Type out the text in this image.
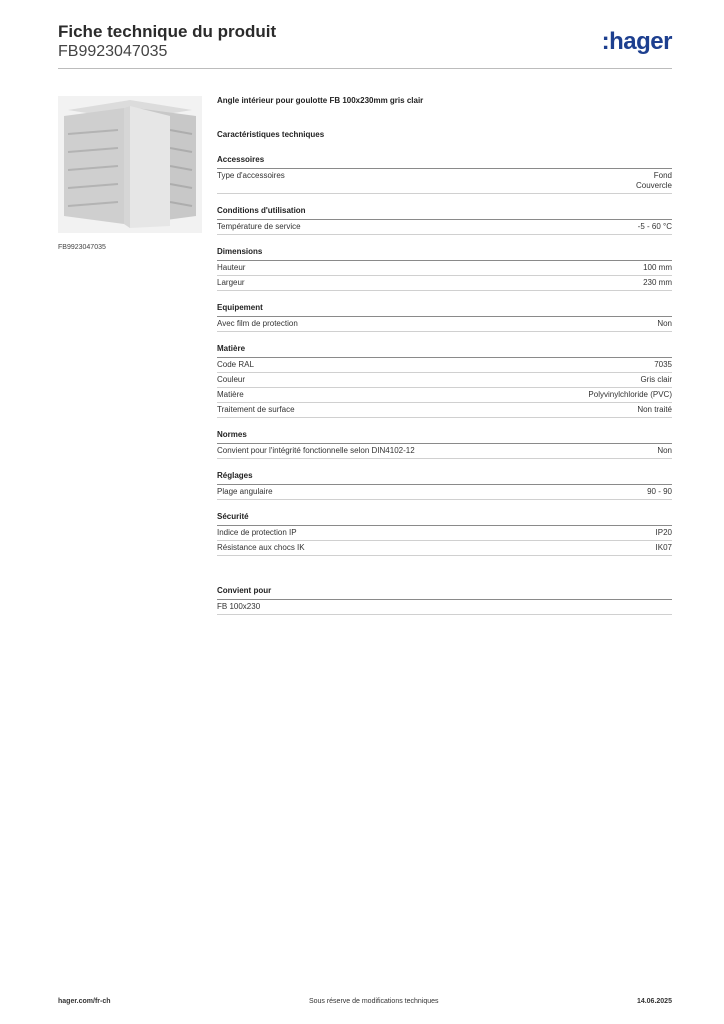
Fiche technique du produit
FB9923047035	:hager
FB9923047035
Angle intérieur pour goulotte FB 100x230mm gris clair
Caractéristiques techniques
Accessoires
Type d'accessoires	Fond
Couvercle
Conditions d'utilisation
Température de service	-5 - 60 °C
Dimensions
Hauteur	100 mm
Largeur	230 mm
Equipement
Avec film de protection	Non
Matière
Code RAL	7035
Couleur	Gris clair
Matière	Polyvinylchloride (PVC)
Traitement de surface	Non traité
Normes
Convient pour l'intégrité fonctionnelle selon DIN4102-12	Non
Réglages
Plage angulaire	90 - 90
Sécurité
Indice de protection IP	IP20
Résistance aux chocs IK	IK07
Convient pour
FB 100x230
hager.com/fr-ch	Sous réserve de modifications techniques	14.06.2025
